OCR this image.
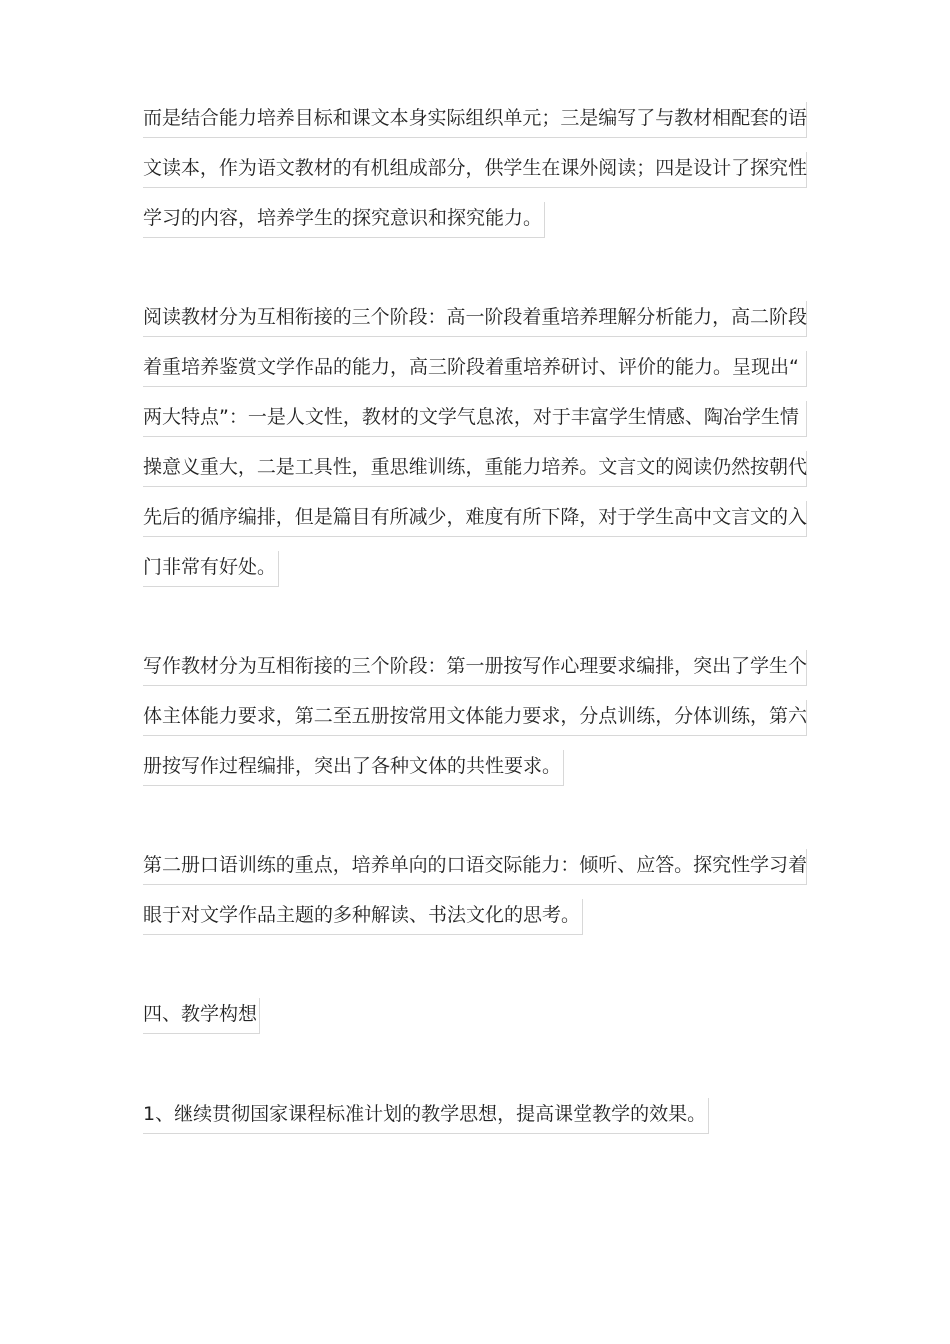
而是结合能力培养目标和课文本身实际组织单元；三是编写了与教材相配套的语
文读本，作为语文教材的有机组成部分，供学生在课外阅读；四是设计了探究性
学习的内容，培养学生的探究意识和探究能力。
阅读教材分为互相衔接的三个阶段：高一阶段着重培养理解分析能力，高二阶段
着重培养鉴赏文学作品的能力，高三阶段着重培养研讨、评价的能力。呈现出“
两大特点”：一是人文性，教材的文学气息浓，对于丰富学生情感、陶冶学生情
操意义重大，二是工具性，重思维训练，重能力培养。文言文的阅读仍然按朝代
先后的循序编排，但是篇目有所减少，难度有所下降，对于学生高中文言文的入
门非常有好处。
写作教材分为互相衔接的三个阶段：第一册按写作心理要求编排，突出了学生个
体主体能力要求，第二至五册按常用文体能力要求，分点训练，分体训练，第六
册按写作过程编排，突出了各种文体的共性要求。
第二册口语训练的重点，培养单向的口语交际能力：倾听、应答。探究性学习着
眼于对文学作品主题的多种解读、书法文化的思考。
四、教学构想
1、继续贯彻国家课程标准计划的教学思想，提高课堂教学的效果。
